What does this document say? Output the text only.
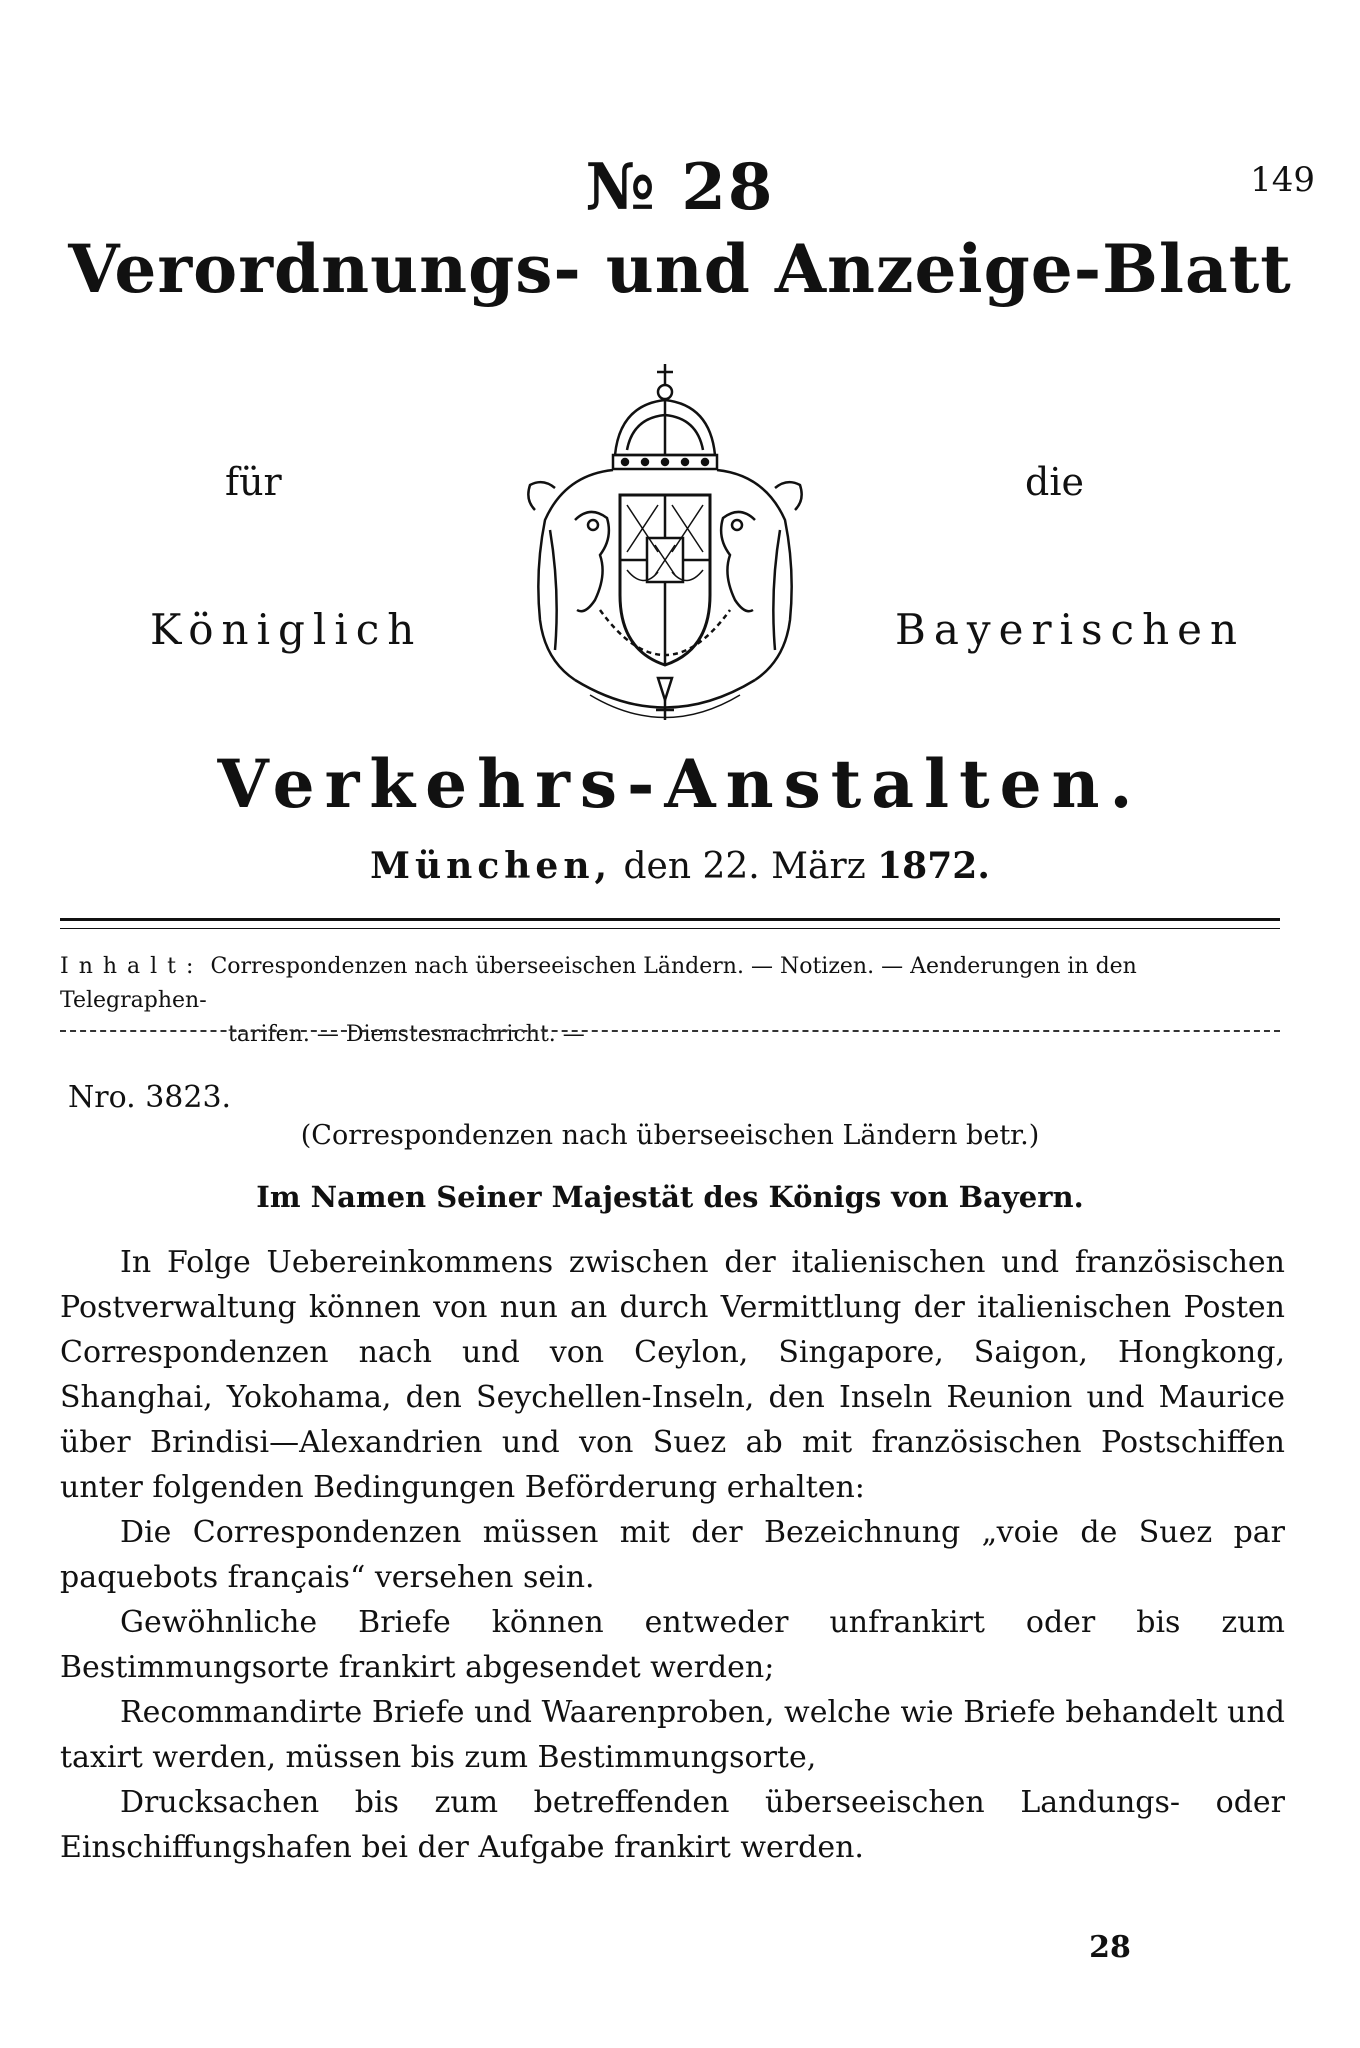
№ 28	149
Verordnungs- und Anzeige-Blatt
für	die
Königlich	Bayerischen
Verkehrs-Anstalten.
München, den 22. März 1872.
Inhalt: Correspondenzen nach überseeischen Ländern. — Notizen. — Aenderungen in den Telegraphen-
tarifen. — Dienstesnachricht. —
Nro. 3823.
(Correspondenzen nach überseeischen Ländern betr.)
Im Namen Seiner Majestät des Königs von Bayern.

In Folge Uebereinkommens zwischen der italienischen und französischen Postverwaltung können von nun an durch Vermittlung der italienischen Posten Correspondenzen nach und von Ceylon, Singapore, Saigon, Hongkong, Shanghai, Yokohama, den Seychellen-Inseln, den Inseln Reunion und Maurice über Brindisi—Alexandrien und von Suez ab mit französischen Postschiffen unter folgenden Bedingungen Beförderung erhalten:

Die Correspondenzen müssen mit der Bezeichnung „voie de Suez par paquebots français“ versehen sein.

Gewöhnliche Briefe können entweder unfrankirt oder bis zum Bestimmungsorte frankirt abgesendet werden;

Recommandirte Briefe und Waarenproben, welche wie Briefe behandelt und taxirt werden, müssen bis zum Bestimmungsorte,

Drucksachen bis zum betreffenden überseeischen Landungs- oder Einschiffungshafen bei der Aufgabe frankirt werden.

28
